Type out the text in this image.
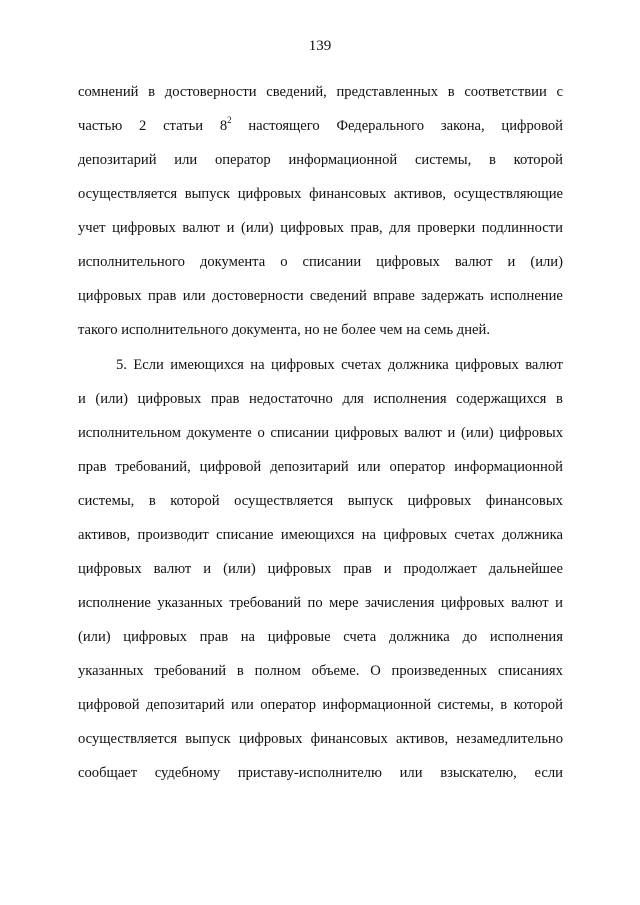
139
сомнений в достоверности сведений, представленных в соответствии с
частью 2 статьи $8^2$ настоящего Федерального закона, цифровой
депозитарий или оператор информационной системы, в которой
осуществляется выпуск цифровых финансовых активов, осуществляющие
учет цифровых валют и (или) цифровых прав, для проверки подлинности
исполнительного документа о списании цифровых валют и (или)
цифровых прав или достоверности сведений вправе задержать исполнение
такого исполнительного документа, но не более чем на семь дней.
5. Если имеющихся на цифровых счетах должника цифровых валют
и (или) цифровых прав недостаточно для исполнения содержащихся в
исполнительном документе о списании цифровых валют и (или) цифровых
прав требований, цифровой депозитарий или оператор информационной
системы, в которой осуществляется выпуск цифровых финансовых
активов, производит списание имеющихся на цифровых счетах должника
цифровых валют и (или) цифровых прав и продолжает дальнейшее
исполнение указанных требований по мере зачисления цифровых валют и
(или) цифровых прав на цифровые счета должника до исполнения
указанных требований в полном объеме. О произведенных списаниях
цифровой депозитарий или оператор информационной системы, в которой
осуществляется выпуск цифровых финансовых активов, незамедлительно
сообщает судебному приставу-исполнителю или взыскателю, если
